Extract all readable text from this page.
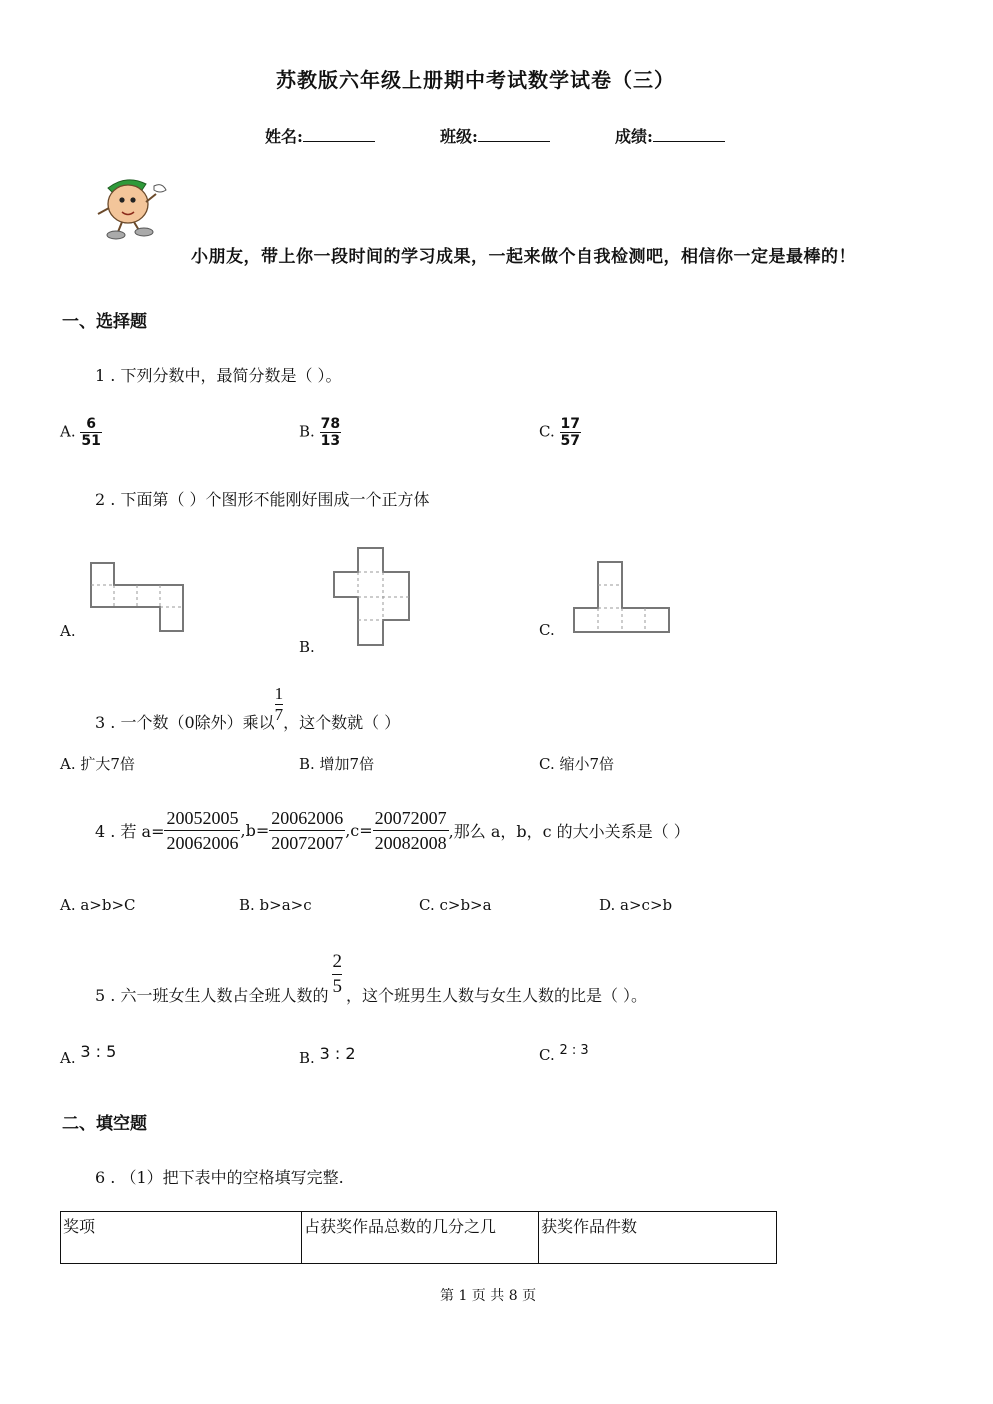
苏教版六年级上册期中考试数学试卷（三）
姓名:	班级:	成绩:
小朋友，带上你一段时间的学习成果，一起来做个自我检测吧，相信你一定是最棒的！
一、选择题
1 . 下列分数中，最简分数是（ ）。
A. $\frac{6}{51}$	B. $\frac{78}{13}$	C. $\frac{17}{57}$
2 . 下面第（ ）个图形不能刚好围成一个正方体
A.
B.
C.
3 . 一个数（0除外）乘以 $\frac{1}{7}$ ，这个数就（ ）
A. 扩大7倍	B. 增加7倍	C. 缩小7倍
4 . 若 $a= \frac{20052005}{20062006} ,b= \frac{20062006}{20072007} ,c= \frac{20072007}{20082008}$ ,那么 a，b，c 的大小关系是（ ）
A. a>b>C	B. b>a>c	C. c>b>a	D. a>c>b
5 . 六一班女生人数占全班人数的 $\frac{2}{5}$ ，这个班男生人数与女生人数的比是（ ）。
A. 3 : 5	B. 3 : 2	C. 2 : 3
二、填空题
6 . （1）把下表中的空格填写完整.
奖项	占获奖作品总数的几分之几	获奖作品件数
第 1 页 共 8 页
